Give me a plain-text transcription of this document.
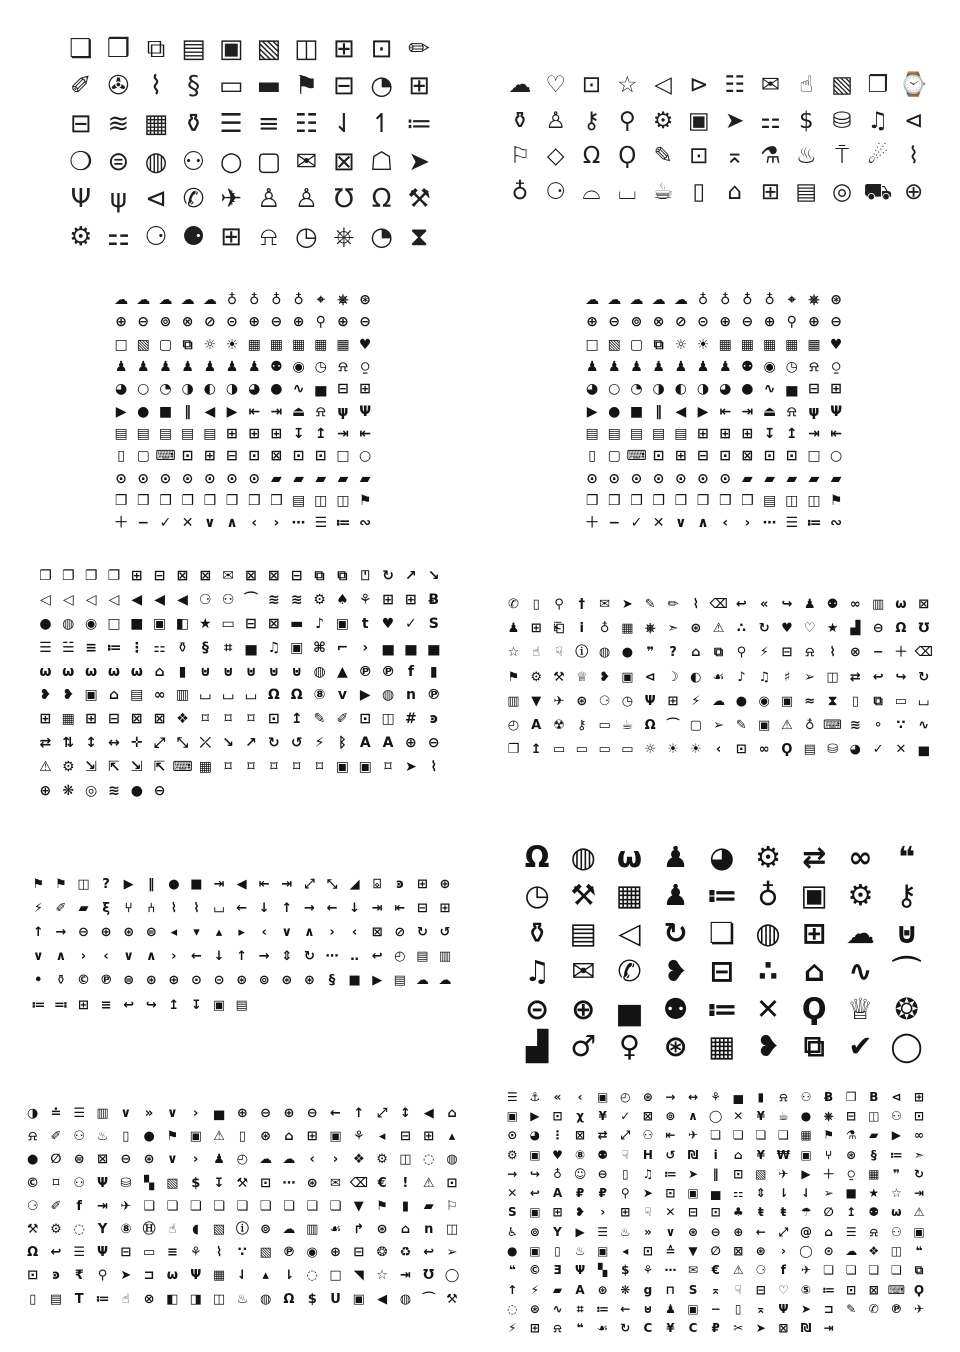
❏ ❒ ⧉ ▤ ▣ ▧ ◫ ⊞ ⊡ ✏
✐ ✇ ⌇ § ▭ ▬ ⚑ ⊟ ◔ ⊞
⊟ ≋ ▦ ⚱ ☰ ≡ ☷ ⇃ ↿ ≔
❍ ⊜ ◍ ⚇ ○ ▢ ✉ ⊠ ☖ ➤
Ψ ψ ⊲ ✆ ✈ ♙ ♙ ℧ Ω ⚒
⚙ ⚏ ⚆ ⚈ ⊞ ⍾ ◷ ⎈ ◔ ⧗
☁ ♡ ⊡ ☆ ◁ ⊳ ☷ ✉ ☝ ▧ ❐ ⌚
⚱ ♙ ⚷ ⚲ ⚙ ▣ ➤ ⚏ $ ⛁ ♫ ⊲
⚐ ◇ Ω Ϙ ✎ ⊡ ⌅ ⚗ ♨ ⍑ ☄ ⌇
♁ ⚆ ⌓ ⌴ ☕ ▯ ⌂ ⊞ ▤ ◎ ⛟ ⊕
☁ ☁ ☁ ☁ ☁ ♁ ♁ ♁ ♁ ⌖ ⎈ ⊛
⊕ ⊖ ⊚ ⊗ ⊘ ⊝ ⊕ ⊖ ⊕ ⚲ ⊕ ⊖
□ ▧ ▢ ⧉ ☼ ☀ ▦ ▦ ▦ ▦ ▦ ♥
♟ ♟ ♟ ♟ ♟ ♟ ♟ ⚉ ◉ ◷ ⍾ ⍜
◕ ○ ◔ ◑ ◐ ◑ ◕ ● ∿ ▅ ⊟ ⊞
▶ ● ■ ‖ ◀ ▶ ⇤ ⇥ ⏏ ⍾ ψ Ψ
▤ ▤ ▤ ▤ ▤ ⊞ ⊞ ⊞ ↧ ↥ ⇥ ⇤
▯ ▢ ⌨ ⊡ ⊞ ⊟ ⊡ ⊠ ⊡ ⊡ □ ○
⊙ ⊙ ⊙ ⊙ ⊙ ⊙ ⊙ ▰ ▰ ▰ ▰ ▰
❒ ❒ ❒ ❒ ❒ ❒ ❒ ❒ ▤ ◫ ◫ ⚑
＋ − ✓ ✕ ∨ ∧ ‹	› ⋯ ☰ ≔ ∾
☁ ☁ ☁ ☁ ☁ ♁ ♁ ♁ ♁ ⌖ ⎈ ⊛
⊕ ⊖ ⊚ ⊗ ⊘ ⊝ ⊕ ⊖ ⊕ ⚲ ⊕ ⊖
□ ▧ ▢ ⧉ ☼ ☀ ▦ ▦ ▦ ▦ ▦ ♥
♟ ♟ ♟ ♟ ♟ ♟ ♟ ⚉ ◉ ◷ ⍾ ⍜
◕ ○ ◔ ◑ ◐ ◑ ◕ ● ∿ ▅ ⊟ ⊞
▶ ● ■ ‖ ◀ ▶ ⇤ ⇥ ⏏ ⍾ ψ Ψ
▤ ▤ ▤ ▤ ▤ ⊞ ⊞ ⊞ ↧ ↥ ⇥ ⇤
▯ ▢ ⌨ ⊡ ⊞ ⊟ ⊡ ⊠ ⊡ ⊡ □ ○
⊙ ⊙ ⊙ ⊙ ⊙ ⊙ ⊙ ▰ ▰ ▰ ▰ ▰
❒ ❒ ❒ ❒ ❒ ❒ ❒ ❒ ▤ ◫ ◫ ⚑
＋ − ✓ ✕ ∨ ∧ ‹	› ⋯ ☰ ≔ ∾
❐ ❐ ❐ ❐ ⊞ ⊟ ⊠ ⊠ ✉ ⊠ ⊠ ⊟ ⧉ ⧉ ⍞ ↻ ↗ ↘
◁ ◁ ◁ ◁ ◀ ◀ ◀ ⚆ ⚇ ⌒ ≋ ≋ ⚙ ♠ ⚘ ⊞ ⊞ Ƀ
● ◍ ◉ □ ■ ▣ ◧ ★ ▭ ⊟ ⊠ ▬ ♪ ▣ t ♥ ✓ S
☰ ☱ ≡ ≔ ⋮ ⚏ ⚱ §	⌗ ▅ ♫ ▣ ⌘ ⌐	›	▅ ▅ ▅
ω ω ω ω ω ⌂ ▮ ⊍ ⊍ ⊍ ⊍ ⊍ ◍ ▲ ℗ ℗ f	▮
❥ ❥ ▣ ⌂ ▤ ∞ ▥ ⌴ ⌴ ⌴ Ω Ω ⑧ v ▶ ◍ n ℗
⊞ ▦ ⊞ ⊟ ⊠ ⊠ ❖ ⌑	⌑	⌑ ⊡ ↥ ✎ ✐ ⊡ ◫ # ͽ
⇄ ⇅ ↕ ↔ ✛ ⤢ ⤡ ⤫ ↘ ↗ ↻ ↺ ⚡ ᛒ A A ⊕ ⊖
⚠ ⚙ ⇲ ⇱ ⇲ ⇱ ⌨ ▦ ⌑	⌑	⌑	⌑	⌑ ▣ ▣ ⌑ ➤ ⌇
⊕ ❋ ◎ ≋ ● ⊖
✆	▯	⚲	†	✉ ➤ ✎ ✏	⌇ ⌫ ↩	«	↪ ♟ ⚉ ∞ ▥ ω ⊠
♟ ⊞ ⎗	i	♁ ▦ ⎈ ➣ ⊛ ⚠ ∴ ↻ ♥ ♡ ★ ▟ ⊖ Ω ℧
☆	☝	☟ ⓘ ◍ ●	❞	?	⌂	⧉	⚲	⚡ ⊟	⍾	⌇	⊗ − ＋ ⌫
⚑ ⚙ ⚒ ♕ ❥ ▣ ⊲ ☽ ◐ ☙ ♪ ♫	♯	➢ ◫ ⇄ ↩ ↪ ↻
▥ ▼ ✈ ⊛ ⚆ ◷ Ψ ⊞ ⚡ ☁ ● ◉ ▣ ≈ ⧗	▯	⧉ ▭ ⌴
◴ A ☢ ⚷ ▭ ☕ Ω ⌒ ▢ ➢ ✎ ▣ ⚠ ♁ ⌨ ≋ ⚬ ∵ ∿
❐ ↥ ▭ ▭ ▭ ▭ ☼ ☀ ☀	‹	⊡ ∞ Ϙ ▤ ⛁ ◕ ✓ ✕ ▅
⚑ ⚑ ◫ ?	▶	‖	● ■ ⇥ ◀ ⇤ ⇥ ⤢ ⤡ ◢	⌺	ͽ	⊞ ⊕
⚡ ✐ ▰	ξ	⑂	⑃	⌇	⌇	⌴ ← ↓ ↑ → ← ↓ ⇥ ⇤ ⊟ ⊞
↑ → ⊖ ⊕ ⊛ ⊜	◂	▾	▴	▸	‹	∨ ∧	›	‹	⊠ ⊘ ↻ ↺
∨ ∧	›	‹	∨ ∧	›	← ↓ ↑ → ⇕ ↻ ⋯ ‥ ↩ ◴ ▤ ▥
• ⚱ © ℗ ⊜ ⊛ ⊕ ⊙ ⊝ ⊛ ⊚ ⊛ ⊛	§	■ ▶ ▤ ☁ ☁
≔ ≕ ⊞ ≡ ↩ ↪ ↥ ↧ ▣ ▤
Ω ◍ ω ♟ ◕ ⚙ ⇄ ∞ ❝
◷ ⚒ ▦ ♟ ≔ ♁ ▣ ⚙ ⚷
⚱ ▤ ◁ ↻ ❏ ◍ ⊞ ☁ ⊍
♫ ✉ ✆ ❥ ⊟ ∴ ⌂ ∿ ⌒
⊝ ⊕ ▅ ⚉ ≔ ✕ Ϙ ♕ ❂
▟ ♂ ♀ ⊛ ▦ ❥ ⧉ ✔ ◯
◑ ≐ ☰ ▥ ∨	»	∨	›	▅ ⊕ ⊖ ⊕ ⊖ ← ↑ ⤢ ↕ ◀	⌂
⍾	✐ ⚇ ♨	▯	● ⚑ ▣ ⚠	▯	⊛	⌂	⊞ ▣ ⚘	◂	⊟ ⊞	▴
● ∅ ⊜ ⊠ ⊖ ⊛ ∨	›	♟ ◴ ☁ ☁	‹	›	❖ ⚙ ◫ ◌ ◍
©	⌑	⚇ Ψ ⛁ ▚ ▧ $	↧ ⚒ ⊡ ⋯ ⊛ ✉ ⌫ €	!	⚠ ⊡
⚆ ✐	f	⇥ ✈ ❏ ❏ ❏ ❏ ❏ ❏ ❏ ❏ ❏ ▼ ⚑	▮	▰ ⚐
⚒ ⚙ ◌ Y	⑧ Ⓗ ☝	◖	▧ ⓘ ⊚ ☁ ▥ ☙ ↱ ⊛	⌂	n ◫
Ω ↩ ☰ Ψ ⊟ ▭ ≡ ⚘	⌇	∵ ▧ ℗ ◉ ⊕ ⊟ ❂ ♻ ↩ ➢
⊡	ͽ	₹	⚲	➤ ⊐ ω Ψ ▦ ⇃	▴	⇂ ◌ □ ◥ ☆ ⇥ Ʊ ◯
▯	▤ T ≔ ☝	⊗ ◧ ◨ ◫ ♨ ◍ Ω	$	U ▣ ◀ ◍ ⌒ ⚒
☰ ⚓	«	‹	▣ ◴	⊛	→	↔	⚘	▅	▮	⍾	⚇	Ƀ	❒	B	⊲	⊞
▣	▶	⊡	χ	¥	✓	⊠	⊚	∧ ◯ ✕	¥	☕ ●	⎈	⊟ ◫ ⚇	⊡
⊙	◕ ⋮ ⊠	⇄	⤢	⚇	⇤	✈	❏ ❏ ❏ ❏ ▦ ⚑ ⚗	▰	▶	∞
⚙ ▣ ♥	⑧	⚉	☟	H	↺	₪	i	⌂	¥ ₩ ▣	⑂	⊛	§	≔ ➣
→	↪	♁ ☺ ⊖	▯	♫ ≔ ➤	‖	⊡ ▧ ✈	▶ ＋	⍜	▦	❞	↻
✕	↩	A	₽	₽	⚲	➤	⊡ ▣	▅	⚏	⇕	⇂	⇃	➢ ■ ★ ☆	⇥
S	▣ ⊞	❥	›	⊞	☟	✕	⊟	⊡	♣	ŧ	ŧ	☂	∅	↥	⚉	ω ⚠
♿	⊚	Y	▶	☰ ♨	»	∨	⊛	⊖	⊕	←	⤢ @	⌂	☰	⍾	⚇ ▣
● ▣	▯	♨ ▣	◂	⊡	≙	▼	∅	⊠	⊛	›	◯ ⊙ ☁ ❖ ◫	❝
❝	©	Ǝ	Ψ	▚	$	⚘ ⋯ ✉	€	⚠ ⚆	f	✈	❏ ❏ ❏ ❏	⧉
↑	⚡	▰	A	⊛	❋	g	⊓	S	⌅	☟	⊟	♡	⑤ ≔ ⊡	⊠ ⌨ Ϙ
◌	⊛	∿	⌗	≔ ←	⊍	♟ ▣ −	▯	⌅	Ψ	➤	⊐	✎	✆ ℗ ✈
⚡	⊞	⍾	❝	☙	↻	C	¥	C	₽	✂	➤	⊠	₪	⇥
